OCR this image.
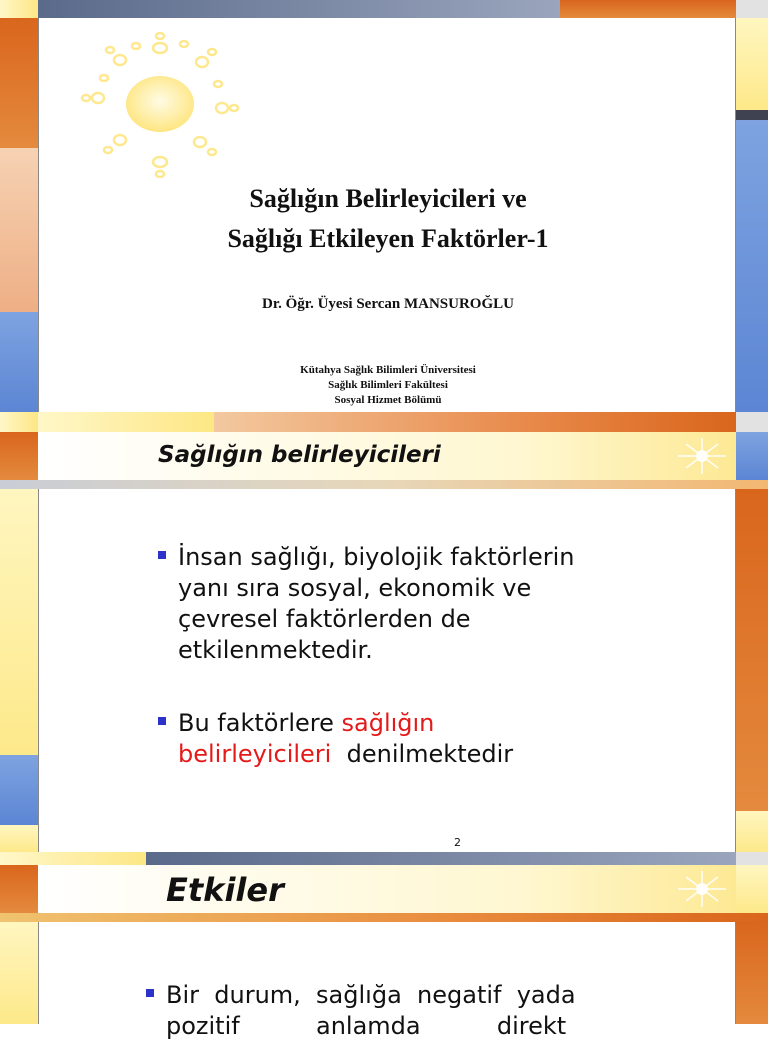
Sağlığın Belirleyicileri ve
Sağlığı Etkileyen Faktörler-1
Dr. Öğr. Üyesi Sercan MANSUROĞLU
Kütahya Sağlık Bilimleri Üniversitesi
Sağlık Bilimleri Fakültesi
Sosyal Hizmet Bölümü
Sağlığın belirleyicileri
İnsan sağlığı, biyolojik faktörlerin
yanı sıra sosyal, ekonomik ve
çevresel faktörlerden de
etkilenmektedir.
Bu faktörlere sağlığın
belirleyicileri  denilmektedir
2
Etkiler
Bir  durum,  sağlığa  negatif  yada
pozitif          anlamda          direkt
